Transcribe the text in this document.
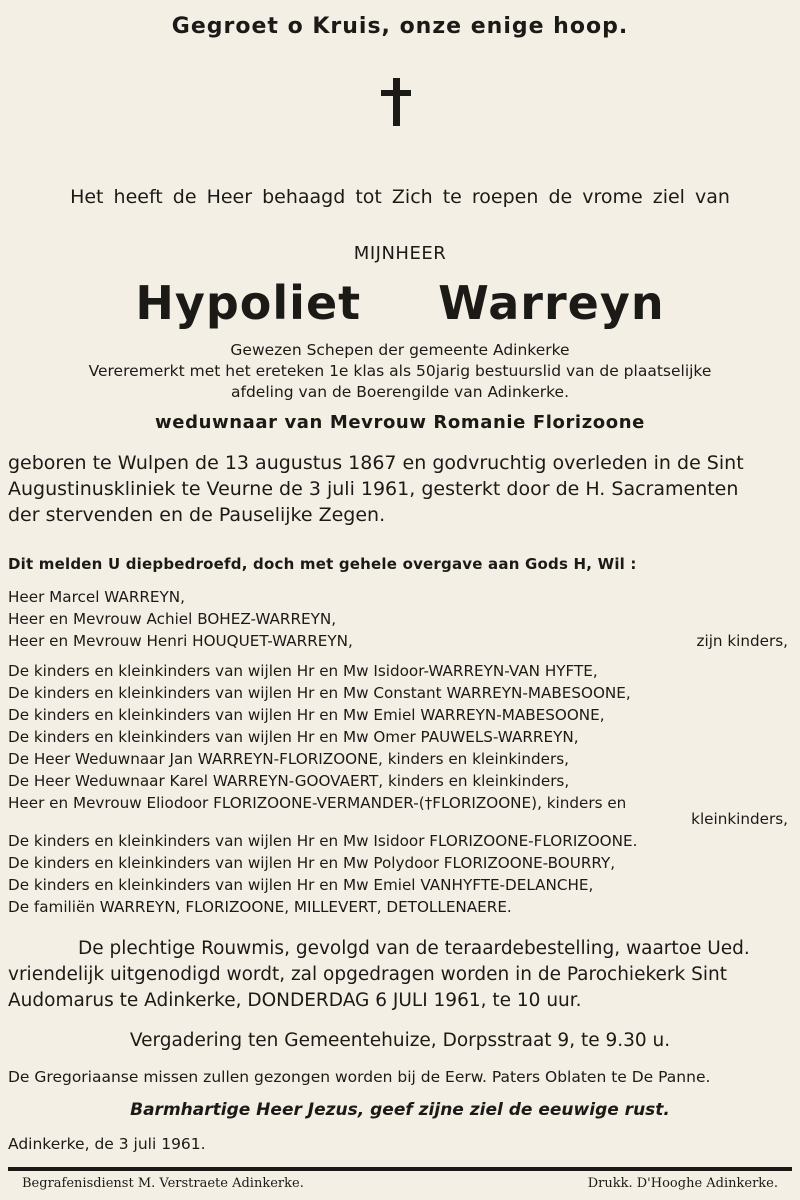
Gegroet o Kruis, onze enige hoop.
Het heeft de Heer behaagd tot Zich te roepen de vrome ziel van
MIJNHEER
Hypoliet Warreyn
Gewezen Schepen der gemeente Adinkerke
Vereremerkt met het ereteken 1e klas als 50jarig bestuurslid van de plaatselijke
afdeling van de Boerengilde van Adinkerke.
weduwnaar van Mevrouw Romanie Florizoone
geboren te Wulpen de 13 augustus 1867 en godvruchtig overleden in de Sint
Augustinuskliniek te Veurne de 3 juli 1961, gesterkt door de H. Sacramenten
der stervenden en de Pauselijke Zegen.
Dit melden U diepbedroefd, doch met gehele overgave aan Gods H, Wil :
Heer Marcel WARREYN,
Heer en Mevrouw Achiel BOHEZ-WARREYN,
Heer en Mevrouw Henri HOUQUET-WARREYN,	zijn kinders,
De kinders en kleinkinders van wijlen Hr en Mw Isidoor-WARREYN-VAN HYFTE,
De kinders en kleinkinders van wijlen Hr en Mw Constant WARREYN-MABESOONE,
De kinders en kleinkinders van wijlen Hr en Mw Emiel WARREYN-MABESOONE,
De kinders en kleinkinders van wijlen Hr en Mw Omer PAUWELS-WARREYN,
De Heer Weduwnaar Jan WARREYN-FLORIZOONE, kinders en kleinkinders,
De Heer Weduwnaar Karel WARREYN-GOOVAERT, kinders en kleinkinders,
Heer en Mevrouw Eliodoor FLORIZOONE-VERMANDER-(†FLORIZOONE), kinders en
kleinkinders,
De kinders en kleinkinders van wijlen Hr en Mw Isidoor FLORIZOONE-FLORIZOONE.
De kinders en kleinkinders van wijlen Hr en Mw Polydoor FLORIZOONE-BOURRY,
De kinders en kleinkinders van wijlen Hr en Mw Emiel VANHYFTE-DELANCHE,
De familiën WARREYN, FLORIZOONE, MILLEVERT, DETOLLENAERE.
De plechtige Rouwmis, gevolgd van de teraardebestelling, waartoe Ued.
vriendelijk uitgenodigd wordt, zal opgedragen worden in de Parochiekerk Sint
Audomarus te Adinkerke, DONDERDAG 6 JULI 1961, te 10 uur.
Vergadering ten Gemeentehuize, Dorpsstraat 9, te 9.30 u.
De Gregoriaanse missen zullen gezongen worden bij de Eerw. Paters Oblaten te De Panne.
Barmhartige Heer Jezus, geef zijne ziel de eeuwige rust.
Adinkerke, de 3 juli 1961.
Begrafenisdienst M. Verstraete Adinkerke.	Drukk. D'Hooghe Adinkerke.
